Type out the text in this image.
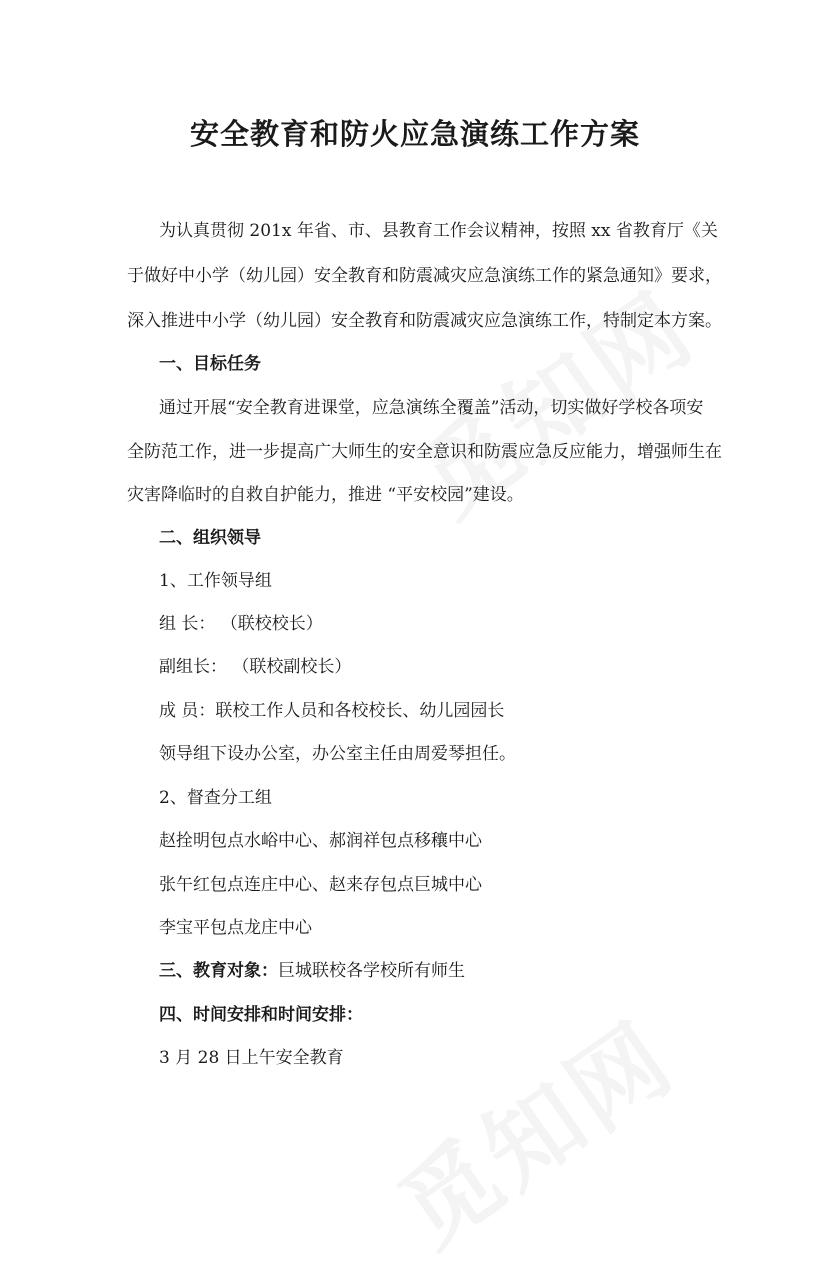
安全教育和防火应急演练工作方案

为认真贯彻 201x 年省、市、县教育工作会议精神，按照 xx 省教育厅《关

于做好中小学（幼儿园）安全教育和防震减灾应急演练工作的紧急通知》要求，

深入推进中小学（幼儿园）安全教育和防震减灾应急演练工作，特制定本方案。

一、目标任务

通过开展“安全教育进课堂，应急演练全覆盖”活动，切实做好学校各项安

全防范工作，进一步提高广大师生的安全意识和防震应急反应能力，增强师生在

灾害降临时的自救自护能力，推进 “平安校园”建设。

二、组织领导

1、工作领导组

组 长： （联校校长）

副组长： （联校副校长）

成 员：联校工作人员和各校校长、幼儿园园长

领导组下设办公室，办公室主任由周爱琴担任。

2、督查分工组

赵拴明包点水峪中心、郝润祥包点移穰中心

张午红包点连庄中心、赵来存包点巨城中心

李宝平包点龙庄中心

三、教育对象：巨城联校各学校所有师生

四、时间安排和时间安排：

3 月 28 日上午安全教育
